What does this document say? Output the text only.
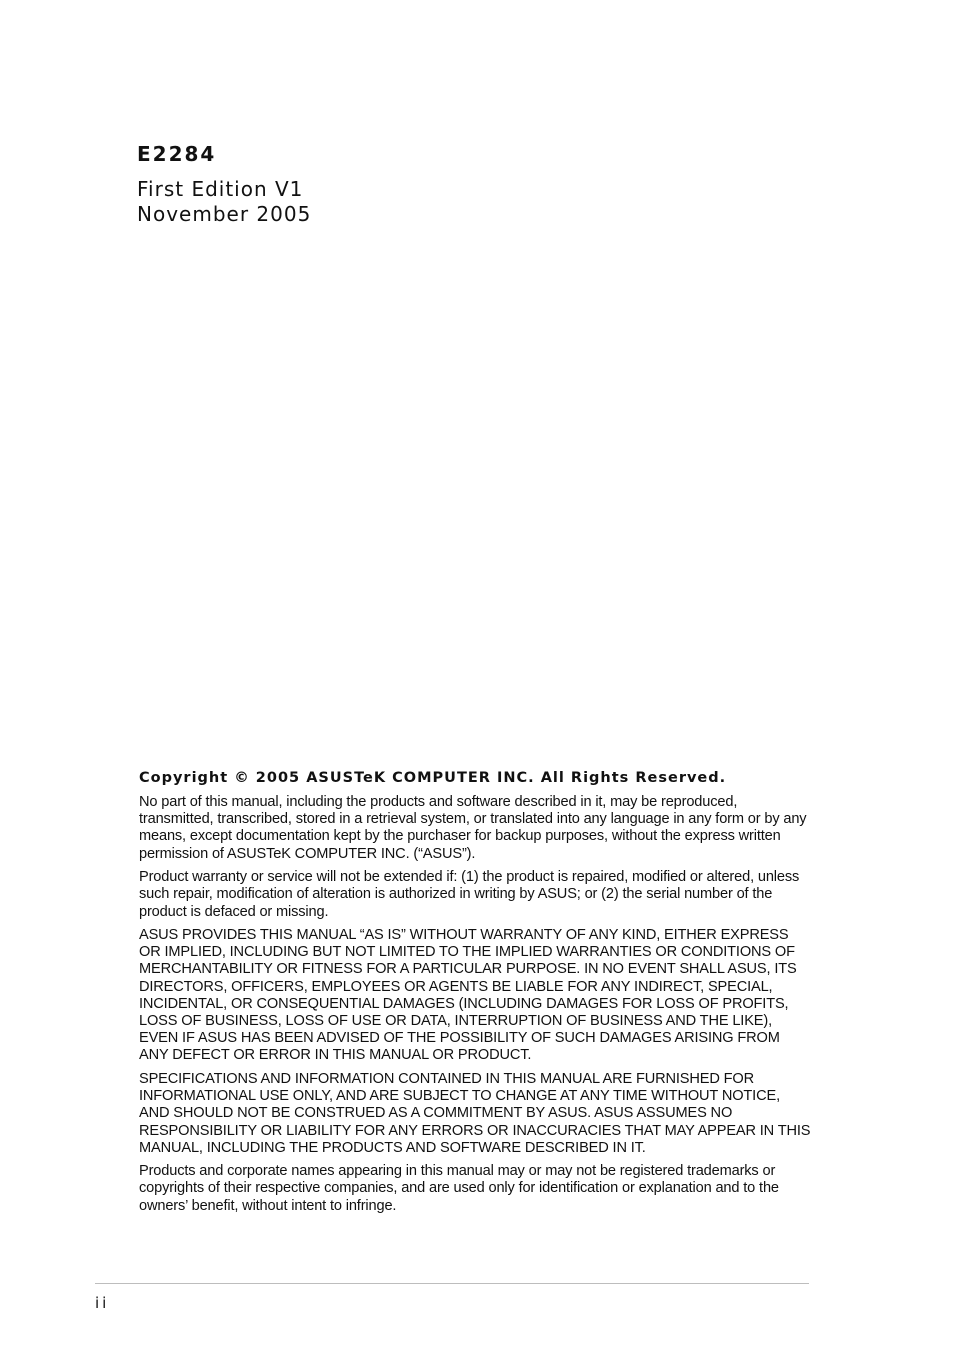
E2284
First Edition V1
November 2005
Copyright © 2005 ASUSTeK COMPUTER INC. All Rights Reserved.

No part of this manual, including the products and software described in it, may be reproduced, transmitted, transcribed, stored in a retrieval system, or translated into any language in any form or by any means, except documentation kept by the purchaser for backup purposes, without the express written permission of ASUSTeK COMPUTER INC. (“ASUS”).

Product warranty or service will not be extended if: (1) the product is repaired, modified or altered, unless such repair, modification of alteration is authorized in writing by ASUS; or (2) the serial number of the product is defaced or missing.

ASUS PROVIDES THIS MANUAL “AS IS” WITHOUT WARRANTY OF ANY KIND, EITHER EXPRESS OR IMPLIED, INCLUDING BUT NOT LIMITED TO THE IMPLIED WARRANTIES OR CONDITIONS OF MERCHANTABILITY OR FITNESS FOR A PARTICULAR PURPOSE. IN NO EVENT SHALL ASUS, ITS DIRECTORS, OFFICERS, EMPLOYEES OR AGENTS BE LIABLE FOR ANY INDIRECT, SPECIAL, INCIDENTAL, OR CONSEQUENTIAL DAMAGES (INCLUDING DAMAGES FOR LOSS OF PROFITS, LOSS OF BUSINESS, LOSS OF USE OR DATA, INTERRUPTION OF BUSINESS AND THE LIKE), EVEN IF ASUS HAS BEEN ADVISED OF THE POSSIBILITY OF SUCH DAMAGES ARISING FROM ANY DEFECT OR ERROR IN THIS MANUAL OR PRODUCT.

SPECIFICATIONS AND INFORMATION CONTAINED IN THIS MANUAL ARE FURNISHED FOR INFORMATIONAL USE ONLY, AND ARE SUBJECT TO CHANGE AT ANY TIME WITHOUT NOTICE, AND SHOULD NOT BE CONSTRUED AS A COMMITMENT BY ASUS. ASUS ASSUMES NO RESPONSIBILITY OR LIABILITY FOR ANY ERRORS OR INACCURACIES THAT MAY APPEAR IN THIS MANUAL, INCLUDING THE PRODUCTS AND SOFTWARE DESCRIBED IN IT.

Products and corporate names appearing in this manual may or may not be registered trademarks or copyrights of their respective companies, and are used only for identification or explanation and to the owners’ benefit, without intent to infringe.

ii
